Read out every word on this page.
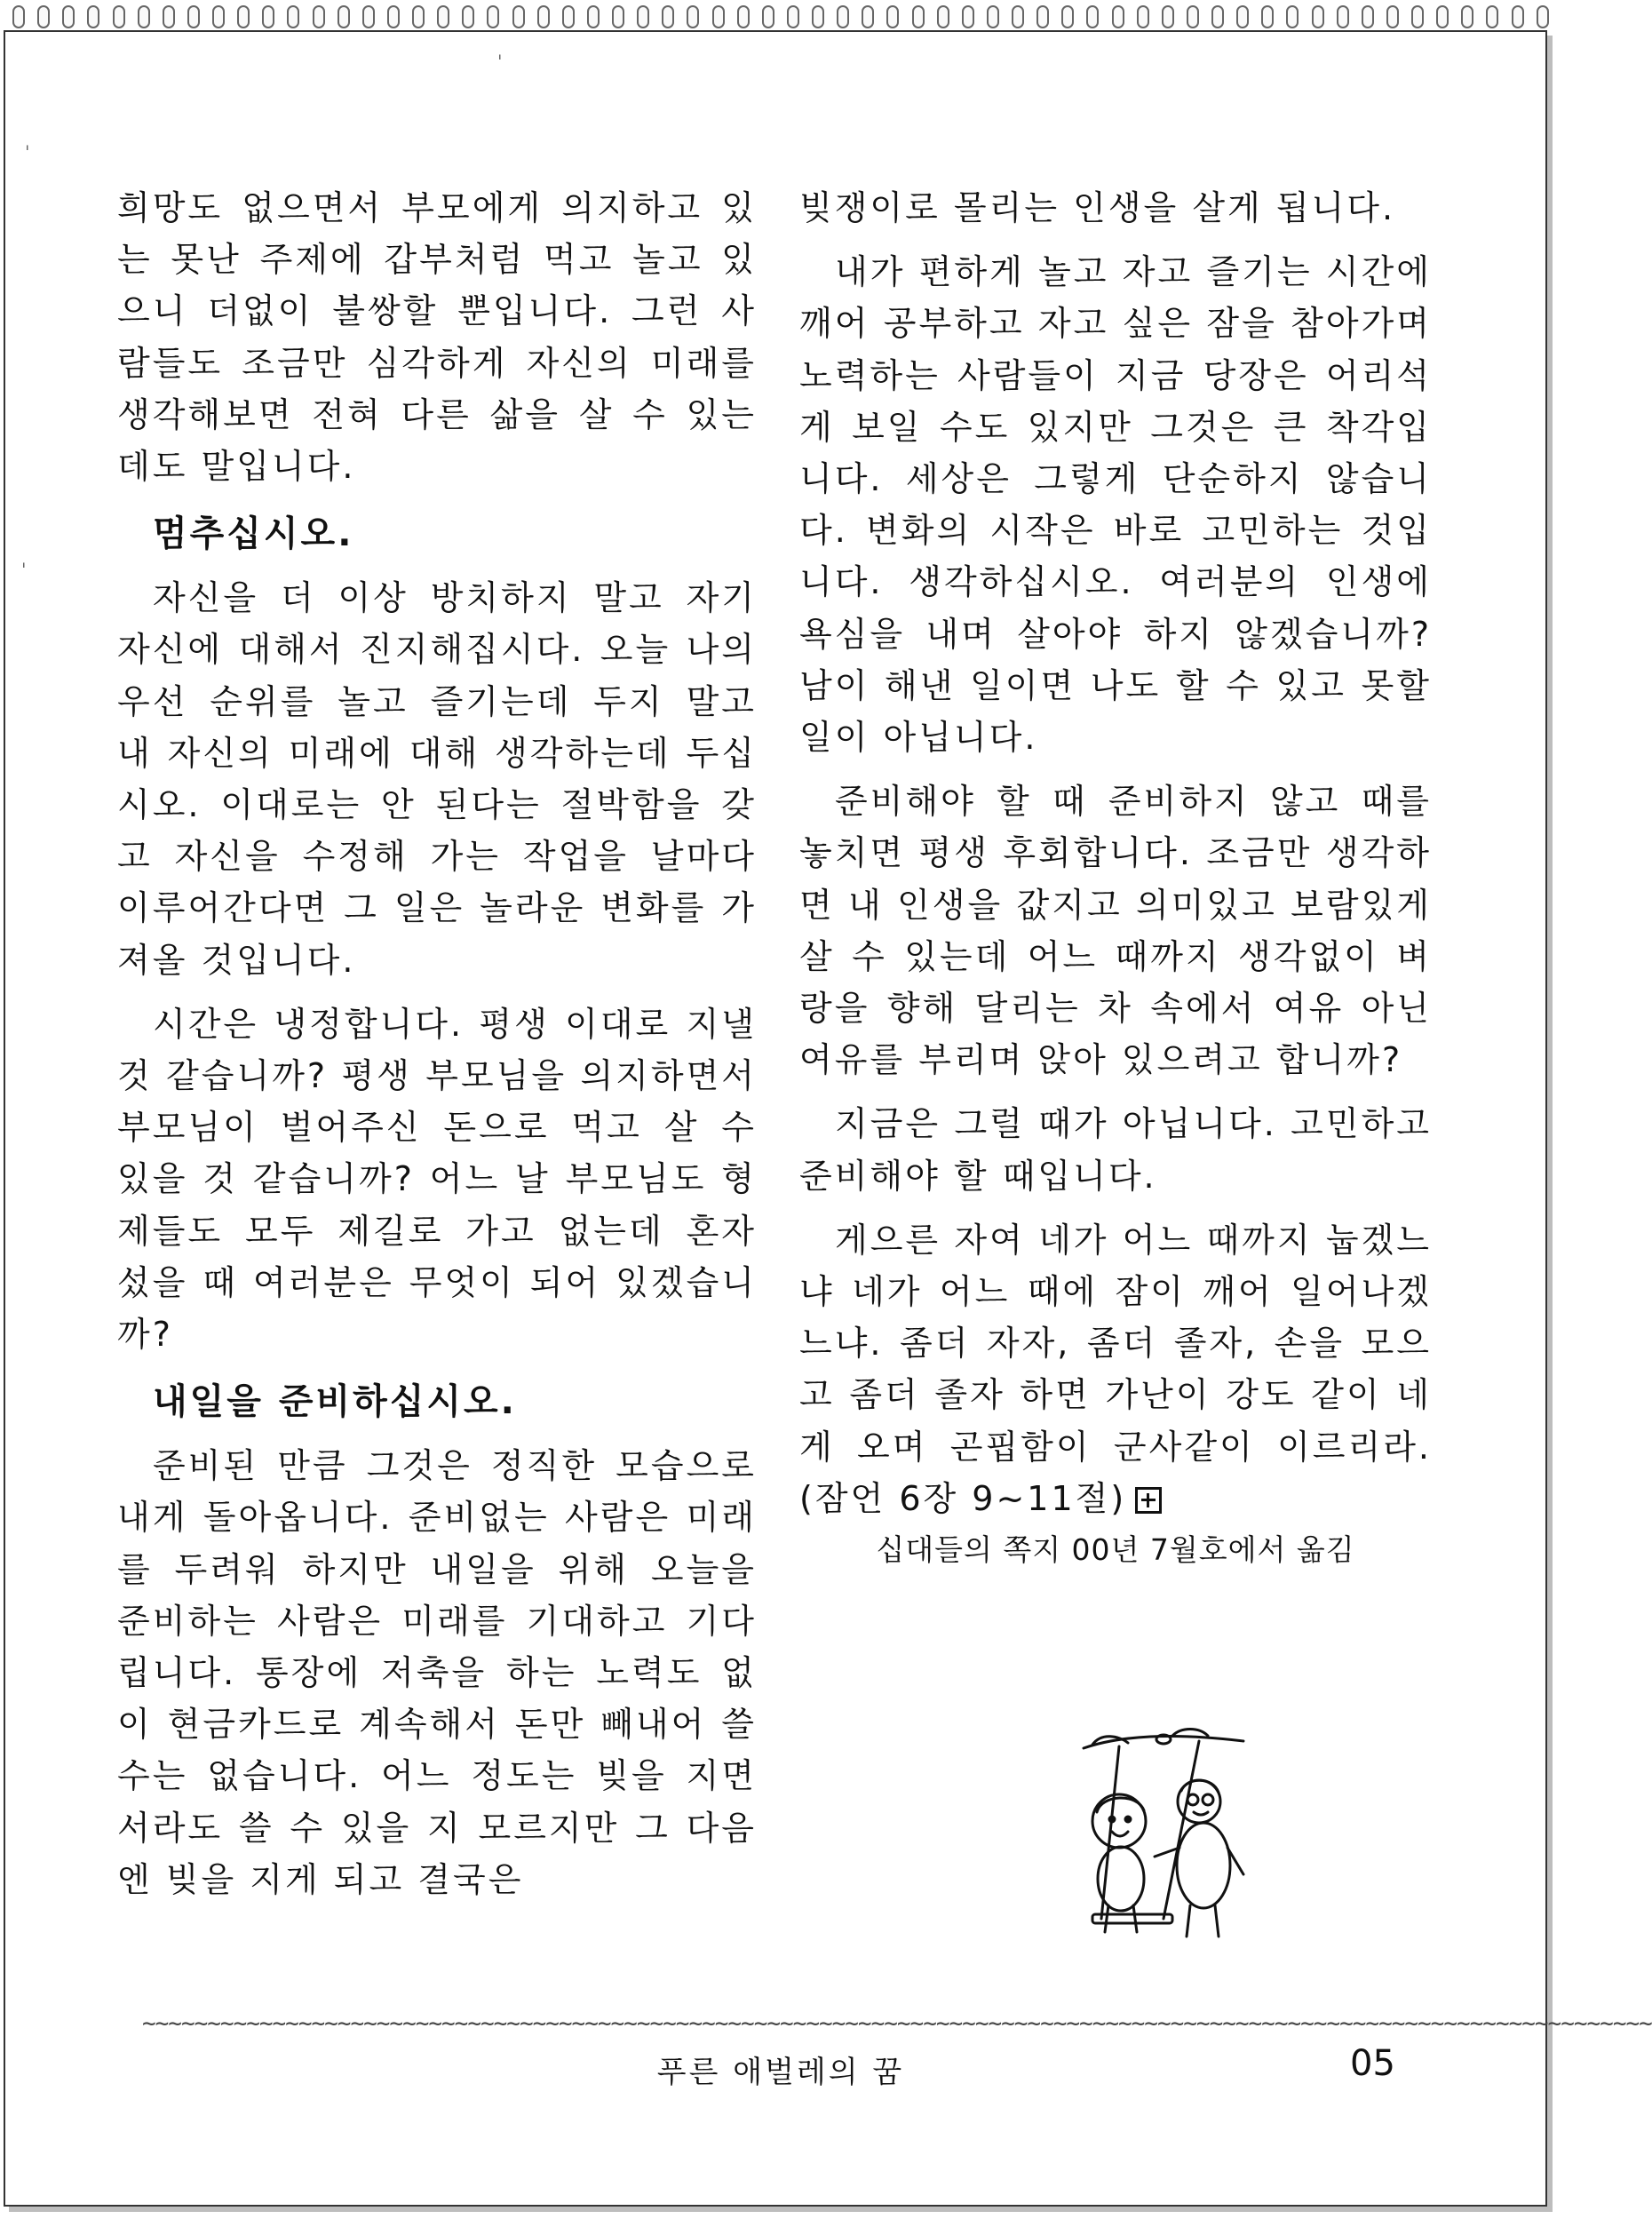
희망도 없으면서 부모에게 의지하고 있는 못난 주제에 갑부처럼 먹고 놀고 있으니 더없이 불쌍할 뿐입니다. 그런 사람들도 조금만 심각하게 자신의 미래를 생각해보면 전혀 다른 삶을 살 수 있는데도 말입니다.

멈추십시오.

자신을 더 이상 방치하지 말고 자기 자신에 대해서 진지해집시다. 오늘 나의 우선 순위를 놀고 즐기는데 두지 말고 내 자신의 미래에 대해 생각하는데 두십시오. 이대로는 안 된다는 절박함을 갖고 자신을 수정해 가는 작업을 날마다 이루어간다면 그 일은 놀라운 변화를 가져올 것입니다.

시간은 냉정합니다. 평생 이대로 지낼 것 같습니까? 평생 부모님을 의지하면서 부모님이 벌어주신 돈으로 먹고 살 수 있을 것 같습니까? 어느 날 부모님도 형제들도 모두 제길로 가고 없는데 혼자 섰을 때 여러분은 무엇이 되어 있겠습니까?

내일을 준비하십시오.

준비된 만큼 그것은 정직한 모습으로 내게 돌아옵니다. 준비없는 사람은 미래를 두려워 하지만 내일을 위해 오늘을 준비하는 사람은 미래를 기대하고 기다립니다. 통장에 저축을 하는 노력도 없이 현금카드로 계속해서 돈만 빼내어 쓸 수는 없습니다. 어느 정도는 빚을 지면서라도 쓸 수 있을 지 모르지만 그 다음엔 빚을 지게 되고 결국은

빚쟁이로 몰리는 인생을 살게 됩니다.

내가 편하게 놀고 자고 즐기는 시간에 깨어 공부하고 자고 싶은 잠을 참아가며 노력하는 사람들이 지금 당장은 어리석게 보일 수도 있지만 그것은 큰 착각입니다. 세상은 그렇게 단순하지 않습니다. 변화의 시작은 바로 고민하는 것입니다. 생각하십시오. 여러분의 인생에 욕심을 내며 살아야 하지 않겠습니까? 남이 해낸 일이면 나도 할 수 있고 못할 일이 아닙니다.

준비해야 할 때 준비하지 않고 때를 놓치면 평생 후회합니다. 조금만 생각하면 내 인생을 값지고 의미있고 보람있게 살 수 있는데 어느 때까지 생각없이 벼랑을 향해 달리는 차 속에서 여유 아닌 여유를 부리며 앉아 있으려고 합니까?

지금은 그럴 때가 아닙니다. 고민하고 준비해야 할 때입니다.

게으른 자여 네가 어느 때까지 눕겠느냐 네가 어느 때에 잠이 깨어 일어나겠느냐. 좀더 자자, 좀더 졸자, 손을 모으고 좀더 졸자 하면 가난이 강도 같이 네게 오며 곤핍함이 군사같이 이르리라.(잠언 6장 9~11절)

십대들의 쪽지 00년 7월호에서 옮김

~~~~~~~~~~~~~~~~~~~~~~~~~~~~~~~~~~~~~~~~~~~~~~~~~~~~~~~~~~~~~~~~~~~~~~~~~~~~~~~~~~~~~~~~~~~~~~~~~~~~~~~~~~~~~~~~~~~~
푸른 애벌레의 꿈	05
ˈ
ˈ
ˈ
